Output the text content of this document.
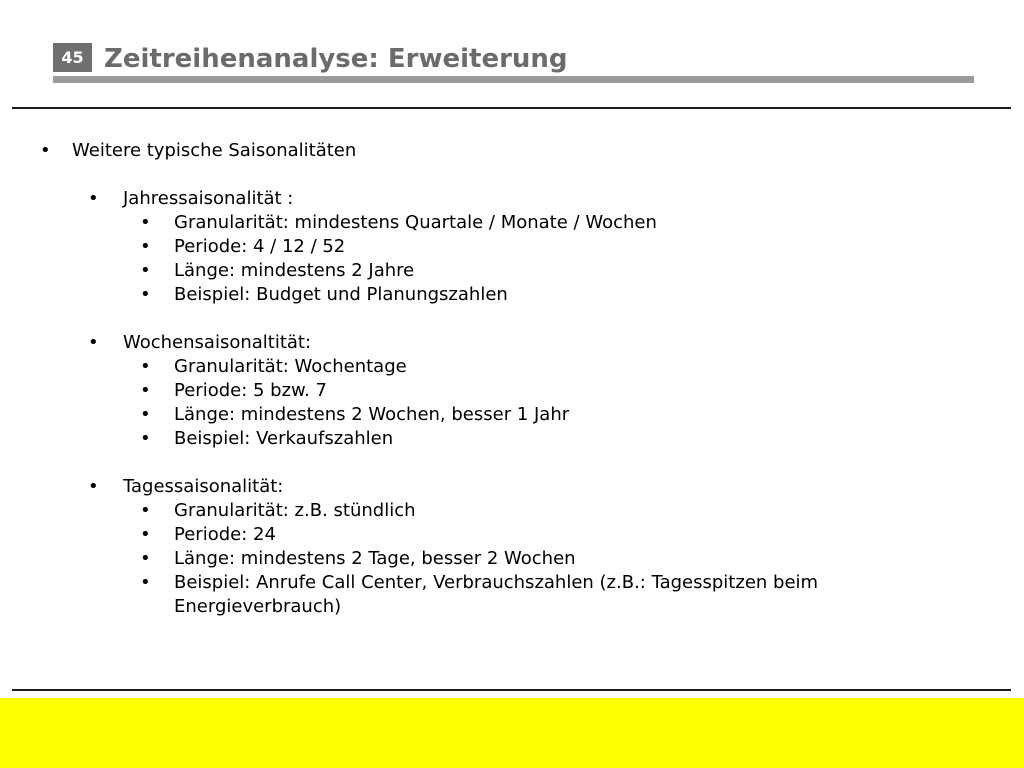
45 Zeitreihenanalyse: Erweiterung
• Weitere typische Saisonalitäten
• Jahressaisonalität :
• Granularität: mindestens Quartale / Monate / Wochen
• Periode: 4 / 12 / 52
• Länge: mindestens 2 Jahre
• Beispiel: Budget und Planungszahlen
• Wochensaisonaltität:
• Granularität: Wochentage
• Periode: 5 bzw. 7
• Länge: mindestens 2 Wochen, besser 1 Jahr
• Beispiel: Verkaufszahlen
• Tagessaisonalität:
• Granularität: z.B. stündlich
• Periode: 24
• Länge: mindestens 2 Tage, besser 2 Wochen
• Beispiel: Anrufe Call Center, Verbrauchszahlen (z.B.: Tagesspitzen beim
Energieverbrauch)
